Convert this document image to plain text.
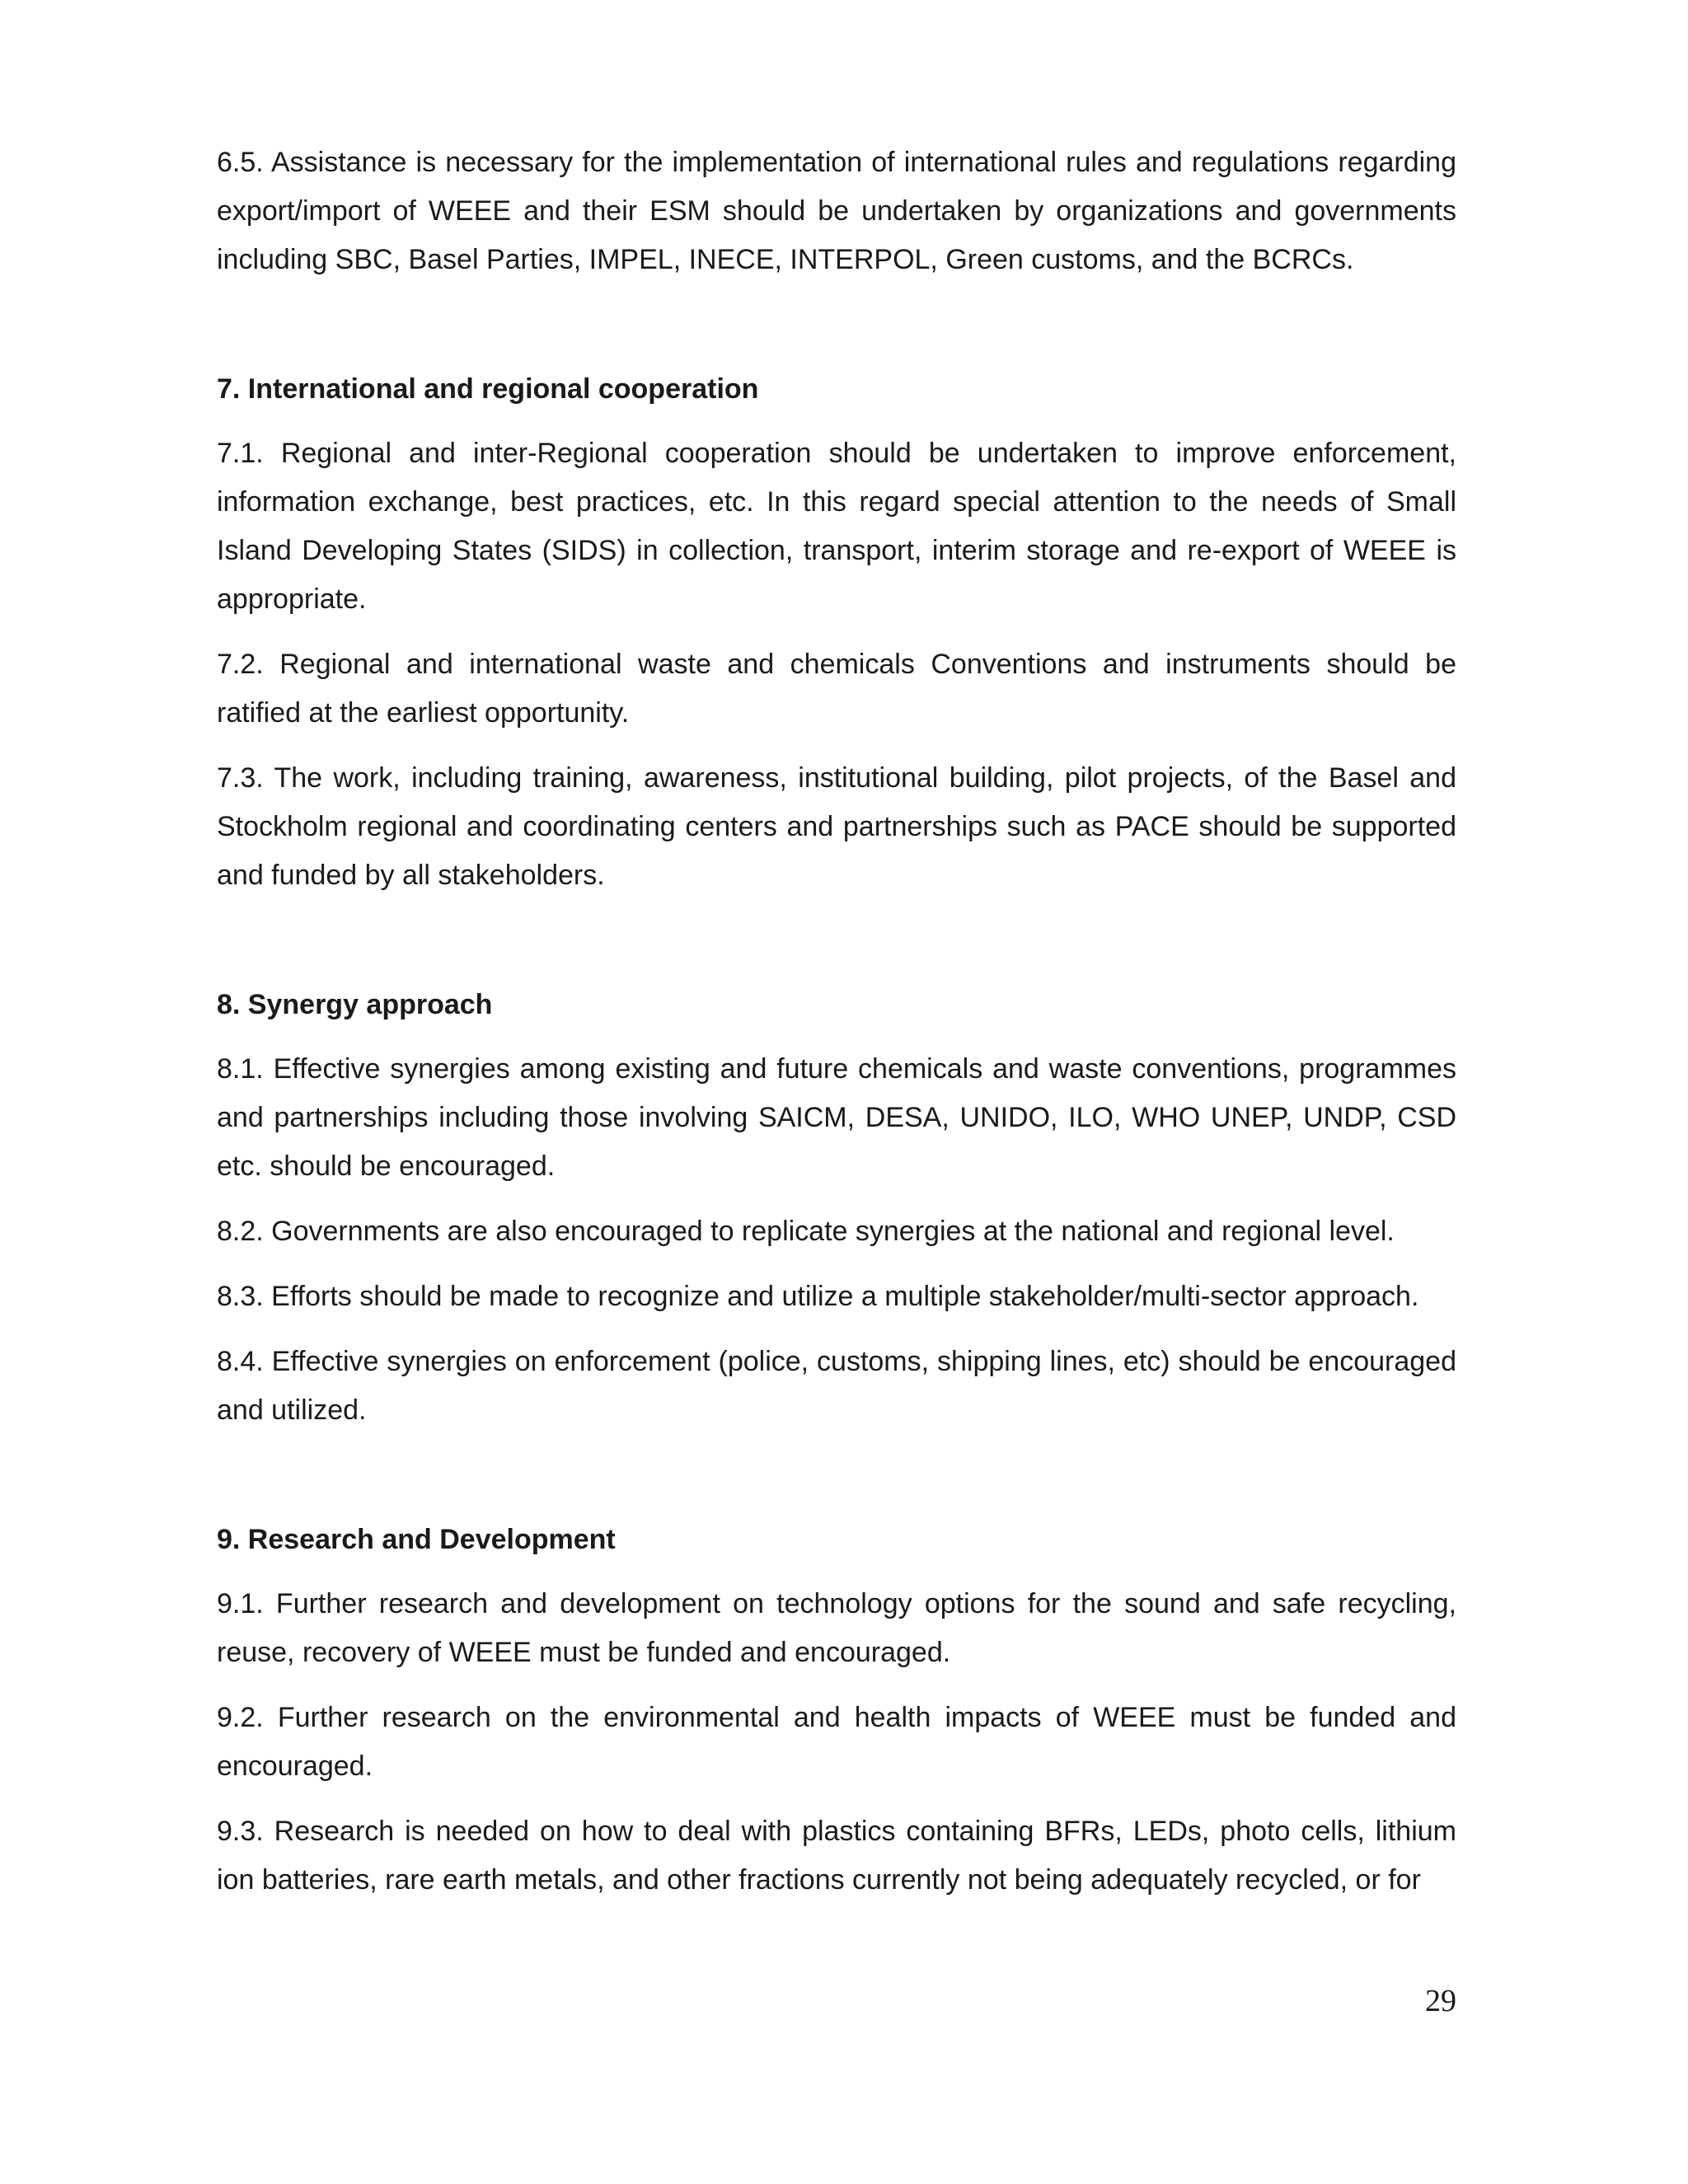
6.5. Assistance is necessary for the implementation of international rules and regulations regarding export/import of WEEE and their ESM should be undertaken by organizations and governments including SBC, Basel Parties, IMPEL, INECE, INTERPOL, Green customs, and the BCRCs.

7. International and regional cooperation

7.1. Regional and inter-Regional cooperation should be undertaken to improve enforcement, information exchange, best practices, etc. In this regard special attention to the needs of Small Island Developing States (SIDS) in collection, transport, interim storage and re-export of WEEE is appropriate.

7.2. Regional and international waste and chemicals Conventions and instruments should be ratified at the earliest opportunity.

7.3. The work, including training, awareness, institutional building, pilot projects, of the Basel and Stockholm regional and coordinating centers and partnerships such as PACE should be supported and funded by all stakeholders.

8. Synergy approach

8.1. Effective synergies among existing and future chemicals and waste conventions, programmes and partnerships including those involving SAICM, DESA, UNIDO, ILO, WHO UNEP, UNDP, CSD etc. should be encouraged.

8.2. Governments are also encouraged to replicate synergies at the national and regional level.

8.3. Efforts should be made to recognize and utilize a multiple stakeholder/multi-sector approach.

8.4. Effective synergies on enforcement (police, customs, shipping lines, etc) should be encouraged and utilized.

9. Research and Development

9.1. Further research and development on technology options for the sound and safe recycling, reuse, recovery of WEEE must be funded and encouraged.

9.2. Further research on the environmental and health impacts of WEEE must be funded and encouraged.

9.3. Research is needed on how to deal with plastics containing BFRs, LEDs, photo cells, lithium ion batteries, rare earth metals, and other fractions currently not being adequately recycled, or for

29
